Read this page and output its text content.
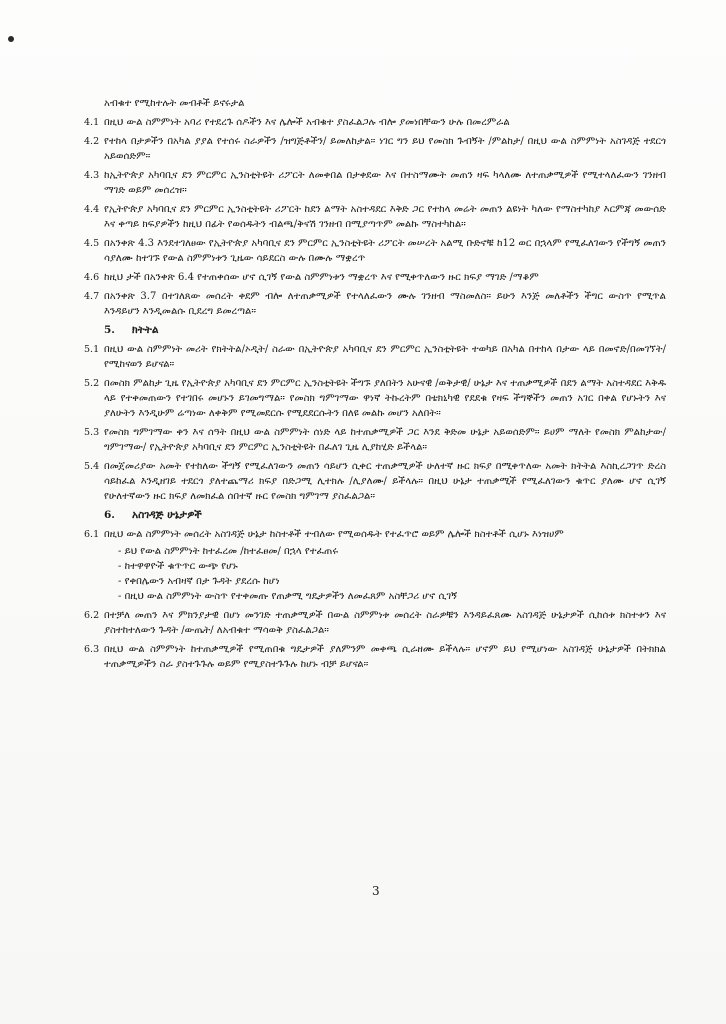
አብቁተ የሚከተሉት መብቶች ይኖሩታል

4.1 በዚህ ውል ስምምነት አባሪ የተደረጉ ሰዶችን እና ሌሎች አብቁተ ያስፈልጋሉ ብሎ ያመነበቸውን ሁሉ በመረምራል

4.2 የተከላ በታዎችን በአካል ያያል የተሰሩ ስራዎችን /ዝግጅቶችን/ ይመለከታል። ነገር ግን ይህ የመስክ ጉብኝት /ምልከታ/ በዚህ ውል ስምምነት አስገዳጅ ተደርጎ አይወሰድም።

4.3 ከኢትዮጵያ አካባቢና ደን ምርምር ኢንስቲትዩት ሪፖርት ለመቀበል በታቀደው እና በተስማሙት መጠን ዛፍ ካላለሙ ለተጠቃሚዎች የሚተላለፈውን ገንዘብ ማገድ ወይም መሰረዝ።

4.4 የኢትዮጵያ አካባቢና ደን ምርምር ኢንስቲትዩት ሪፖርት ከደን ልማት አስተዳደር እቅድ ጋር የተከላ መሬት መጠን ልዩነት ካለው የማስተካከያ እርምጃ መውሰድ እና ቀጣይ ክፍያዎችን ከዚህ በፊት የወሰዱትን ብልጫ/ቅናሽ ገንዘብ በሚያጣጥም መልኩ ማስተካከል።

4.5 በአንቀጽ 4.3 እንደተገለፀው የኢትዮጵያ አካባቢና ደን ምርምር ኢንስቲትዩት ሪፖርት መሠረት አልሚ ቡድኖቹ ከ12 ወር በኋላም የሚፈለገውን የችግኝ መጠን ሳያለሙ ከተገኙ የውል ስምምነቱን ጊዜው ሳይደርስ ውሉ በሙሉ ማቋረጥ

4.6 ከዚህ ታች በአንቀጽ 6.4 የተጠቀሰው ሆኖ ሲገኝ የውል ስምምነቱን ማቋረጥ እና የሚቀጥለውን ዙር ክፍያ ማገድ /ማቆም

4.7 በአንቀጽ 3.7 በተገለጸው መሰረት ቀደም ብሎ ለተጠቃሚዎች የተላለፈውን ሙሉ ገንዘብ ማስመለስ። ይሁን እንጅ መለቶችን ችግር ውስጥ የሚጥል እንዳይሆን እንዲመልሱ ቢደረግ ይመረጣል።

5. ክትትል
5.1 በዚህ ውል ስምምነት መሪት የክትትል/ኦዲት/ ስራው በኢትዮጵያ አካባቢና ደን ምርምር ኢንስቲትዩት ተወካይ በአካል በተከላ በታው ላይ በመኖድ/በመገኘት/ የሚከናወን ይሆናል።

5.2 በመስክ ምልከታ ጊዜ የኢትዮጵያ አካባቢና ደን ምርምር ኢንስቲትዩት ችግኙ ያለበትን አሁናዊ /ወቅታዊ/ ሁኔታ እና ተጠቃሚዎች በደን ልማት አስተዳደር እቅዱ ላይ የተቀመጠውን የተገበሩ መሆኑን ይገመግማል። የመስክ ግምገማው ዋነኛ ትኩረትም በቴክኒካዊ የደደቁ የዛፍ ችግኞችን መጠን አገር በቀል የሆኑትን እና ያለሁትን እንዲሁም ሬጣነው ለቀቅም የሚመደርሱ የሚደደርሱትን በለዩ መልኩ መሆን አለበት።

5.3 የመስክ ግምገማው ቀን እና ሰዓት በዚህ ውል ስምምነት ሰነድ ላይ ከተጠቃሚዎች ጋር እንደ ቅድመ ሁኔታ አይወሰድም። ይሀም ማለት የመስክ ምልከታው/ግምገማው/ የኢትዮጵያ አካባቢና ደን ምርምር ኢንስቲትዩት በፈለገ ጊዜ ሊያከሂድ ይችላል።

5.4 በመጀመሪያው አመት የተከለው ችግኝ የሚፈለገውን መጠን ሳይሆን ሲቀር ተጠቃሚዎች ሁለተኛ ዙር ክፍያ በሚቀጥለው አመት ክትትል እስኪረጋገጥ ድረስ ሳይከፈል እንዲዘገይ ተደርጎ ያለተጨማሪ ክፍያ በድጋሚ ሊተክሉ /ሊያለሙ/ ይችላሉ። በዚህ ሁኔታ ተጠቃሚች የሚፈለገውን ቁጥር ያለሙ ሆኖ ሲገኝ የሁለተኛውን ዙር ክፍያ ለመክፈል ሰበተኛ ዙር የመስክ ግምገማ ያስፈልጋል።

6. አስገዳጅ ሁኔታዎች
6.1 በዚህ ውል ስምምነት መሰረት አስገዳጅ ሁኔታ ከስተቶች ተብለው የሚወሰዱት የተፈጥሮ ወይም ሌሎች ክስተቶች ሲሆኑ እነዝሀም

- ይህ የውል ስምምነት ከተፈረመ /ከተፈፀመ/ በኋላ የተፈጠሩ
- ከተዋዋዮች ቁጥጥር ውጭ የሆኑ
- የቀበሌውን አብዛኛ በታ ጉዳት ያደረሱ ከሆነ
- በዚህ ውል ስምምነት ውስጥ የተቀመጡ የጠቃሚ ግዴታዎችን ለመፈጸም አስቸጋሪ ሆኖ ሲገኝ
6.2 በተቻለ መጠን እና ምክንያታዊ በሆነ መንገድ ተጠቃሚዎች በውል ስምምነቱ መሰረት ስራዎቹን እንዳይፈጸሙ አስገዳጅ ሁኔታዎች ሲከሰቱ ክስተቱን እና ያስተከተለውን ጉዳት /ውጤት/ ለአብቁተ ማሳወቅ ያስፈልጋል።

6.3 በዚህ ውል ስምምነት ከተጠቃሚዎች የሚጠበቁ ግዴታዎች ያለምንም መቀጫ ሲራዘሙ ይችላሉ። ሆኖም ይህ የሚሆነው አስገዳጅ ሁኔታዎች በትክክል ተጠቃሚዎችን ስራ ያስተጉጉሉ ወይም የሚያስተጉጉሉ ከሆኑ ብቻ ይሆናል።

3
